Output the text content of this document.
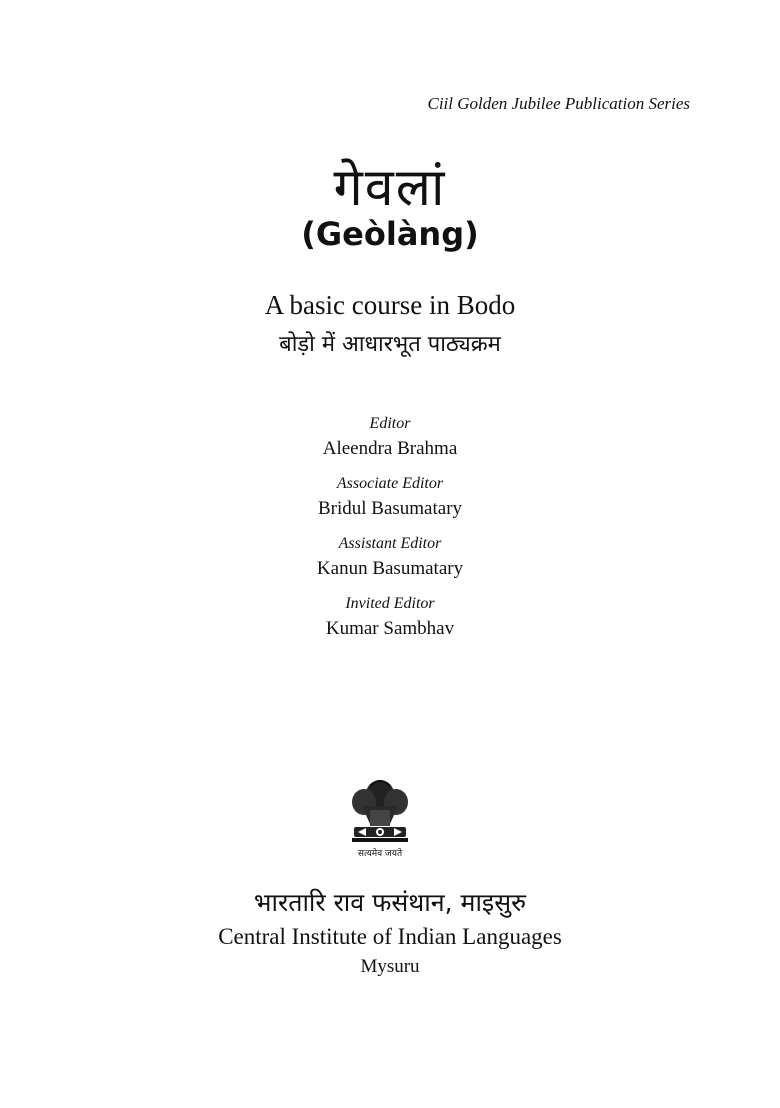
Ciil Golden Jubilee Publication Series
गेवलां
(Geòlàng)
A basic course in Bodo
बोड़ो में आधारभूत पाठ्यक्रम
Editor
Aleendra Brahma
Associate Editor
Bridul Basumatary
Assistant Editor
Kanun Basumatary
Invited Editor
Kumar Sambhav
सत्यमेव जयते
भारतारि राव फसंथान, माइसुरु
Central Institute of Indian Languages
Mysuru
